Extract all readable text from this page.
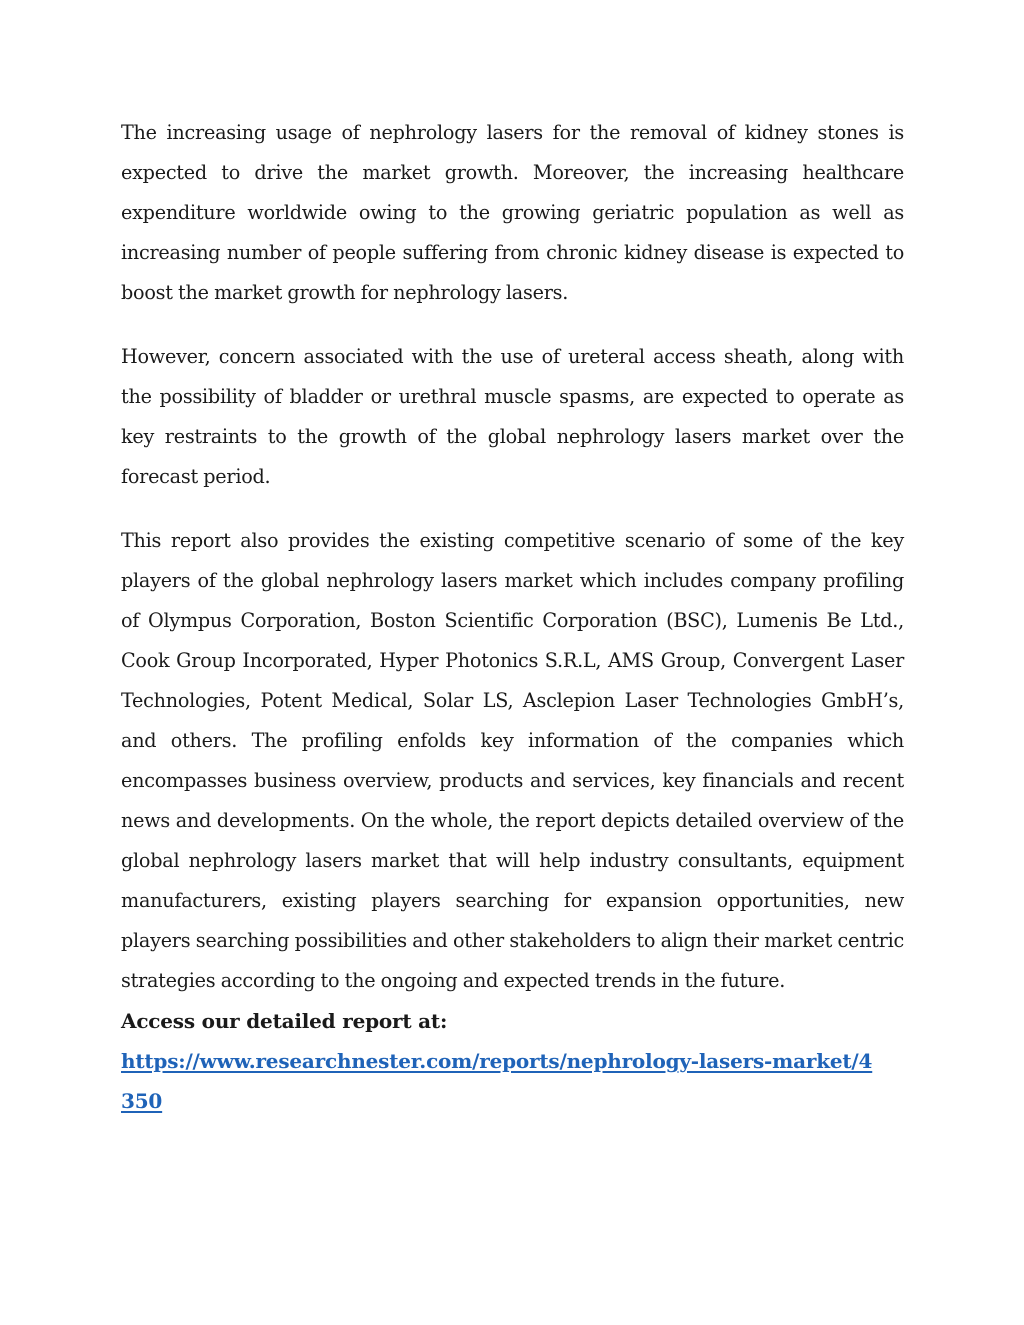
The increasing usage of nephrology lasers for the removal of kidney stones is expected to drive the market growth. Moreover, the increasing healthcare expenditure worldwide owing to the growing geriatric population as well as increasing number of people suffering from chronic kidney disease is expected to boost the market growth for nephrology lasers.

However, concern associated with the use of ureteral access sheath, along with the possibility of bladder or urethral muscle spasms, are expected to operate as key restraints to the growth of the global nephrology lasers market over the forecast period.

This report also provides the existing competitive scenario of some of the key players of the global nephrology lasers market which includes company profiling of Olympus Corporation, Boston Scientific Corporation (BSC), Lumenis Be Ltd., Cook Group Incorporated, Hyper Photonics S.R.L, AMS Group, Convergent Laser Technologies, Potent Medical, Solar LS, Asclepion Laser Technologies GmbH’s, and others. The profiling enfolds key information of the companies which encompasses business overview, products and services, key financials and recent news and developments. On the whole, the report depicts detailed overview of the global nephrology lasers market that will help industry consultants, equipment manufacturers, existing players searching for expansion opportunities, new players searching possibilities and other stakeholders to align their market centric strategies according to the ongoing and expected trends in the future.

Access our detailed report at:

https://www.researchnester.com/reports/nephrology-lasers-market/4350
